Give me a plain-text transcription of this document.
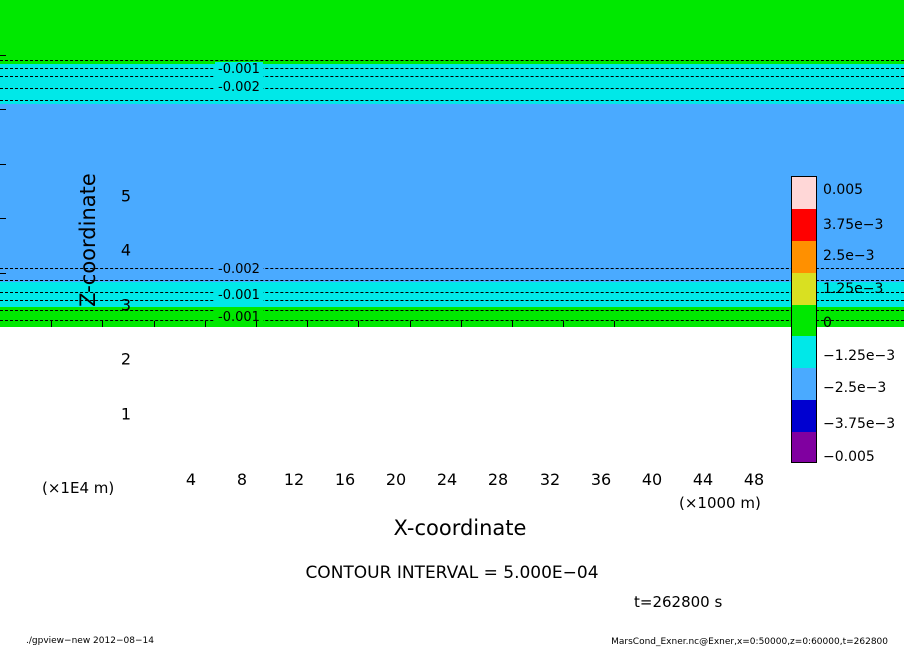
-0.001
-0.002
-0.002
-0.001
-0.001
4	8 12 16 20 24 28 32 36 40 44 48
1
2
3
4
5
Z-coordinate
X-coordinate
(×1E4 m)
(×1000 m)
0.005
3.75e−3
2.5e−3
1.25e−3
0
−1.25e−3
−2.5e−3
−3.75e−3
−0.005
CONTOUR INTERVAL = 5.000E−04
t=262800 s
./gpview−new 2012−08−14	MarsCond_Exner.nc@Exner,x=0:50000,z=0:60000,t=262800
